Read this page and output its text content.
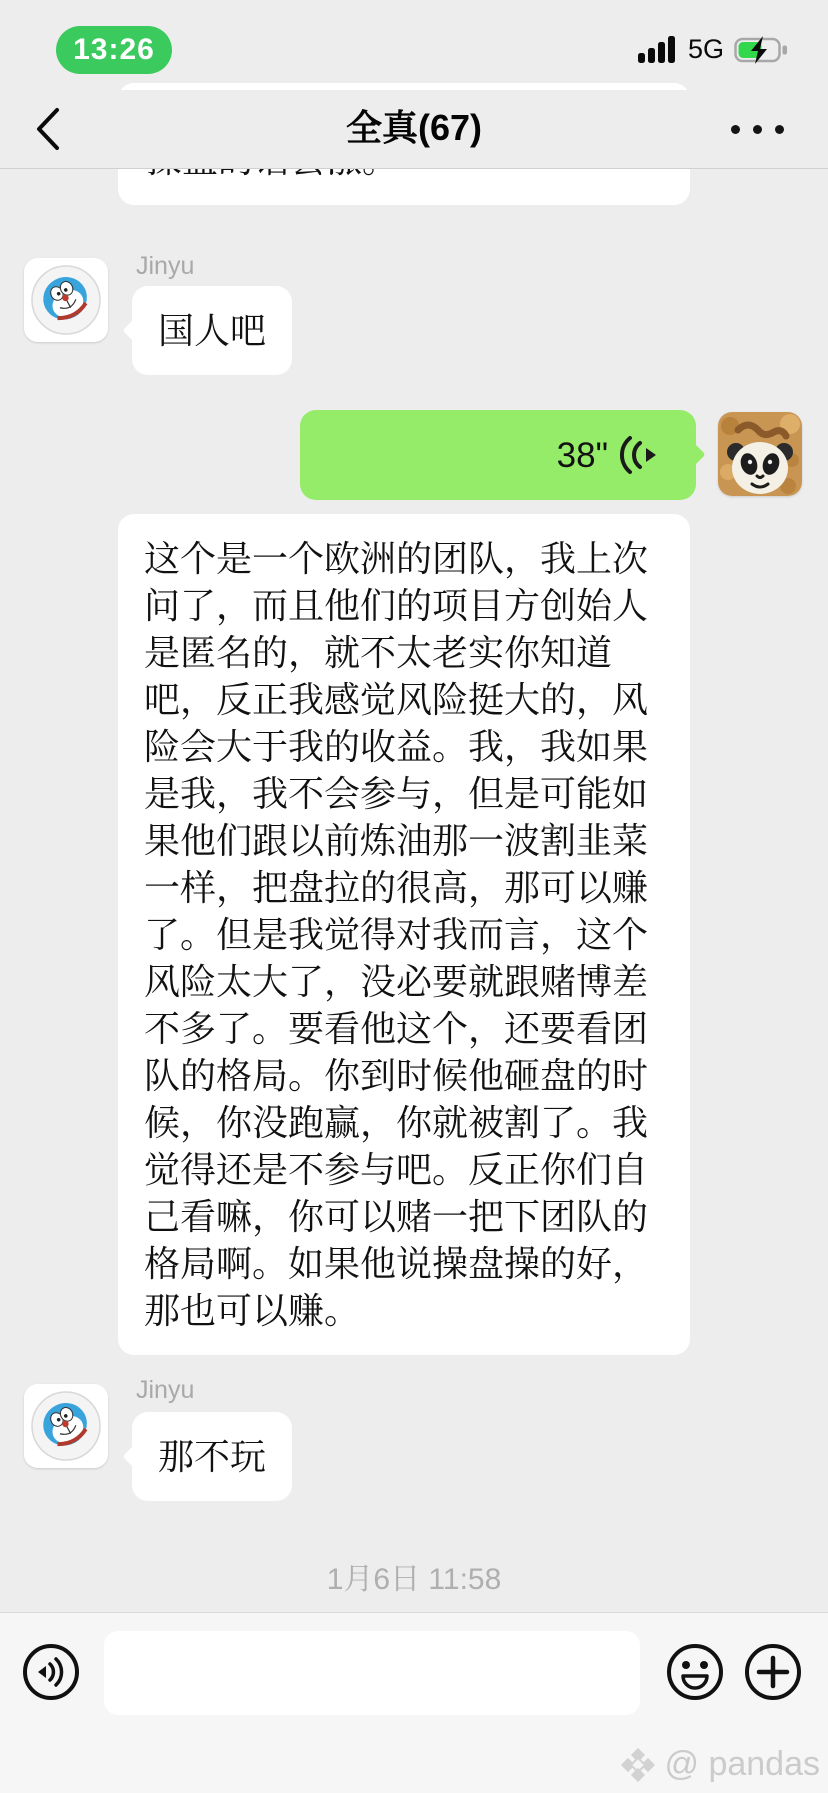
13:26	5G
全真(67)
Jinyu
国人吧
38"
这个是一个欧洲的团队，我上次问了，而且他们的项目方创始人是匿名的，就不太老实你知道吧，反正我感觉风险挺大的，风险会大于我的收益。我，我如果是我，我不会参与，但是可能如果他们跟以前炼油那一波割韭菜一样，把盘拉的很高，那可以赚了。但是我觉得对我而言，这个风险太大了，没必要就跟赌博差不多了。要看他这个，还要看团队的格局。你到时候他砸盘的时候，你没跑赢，你就被割了。我觉得还是不参与吧。反正你们自己看嘛，你可以赌一把下团队的格局啊。如果他说操盘操的好，那也可以赚。
Jinyu
那不玩
1月6日 11:58
@ pandas
